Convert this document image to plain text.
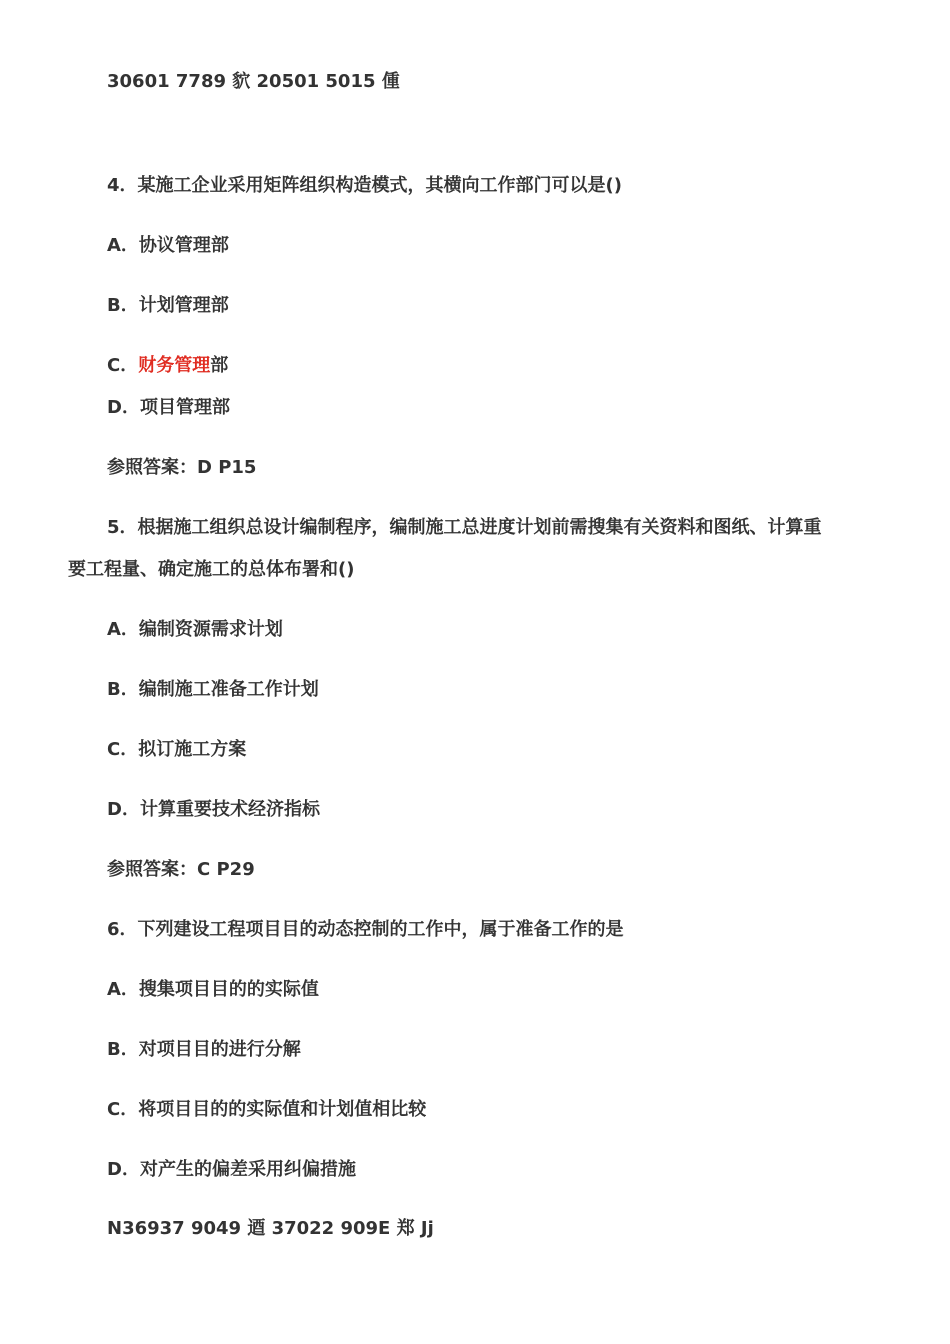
30601 7789 貁 20501 5015 偅
4．某施工企业采用矩阵组织构造模式，其横向工作部门可以是()
A．协议管理部
B．计划管理部
C．财务管理部
D．项目管理部
参照答案：D P15
5．根据施工组织总设计编制程序，编制施工总进度计划前需搜集有关资料和图纸、计算重
要工程量、确定施工的总体布署和()
A．编制资源需求计划
B．编制施工准备工作计划
C．拟订施工方案
D．计算重要技术经济指标
参照答案：C P29
6．下列建设工程项目目的动态控制的工作中，属于准备工作的是
A．搜集项目目的的实际值
B．对项目目的进行分解
C．将项目目的的实际值和计划值相比较
D．对产生的偏差采用纠偏措施
N36937 9049 逎 37022 909E 郑 Jj
